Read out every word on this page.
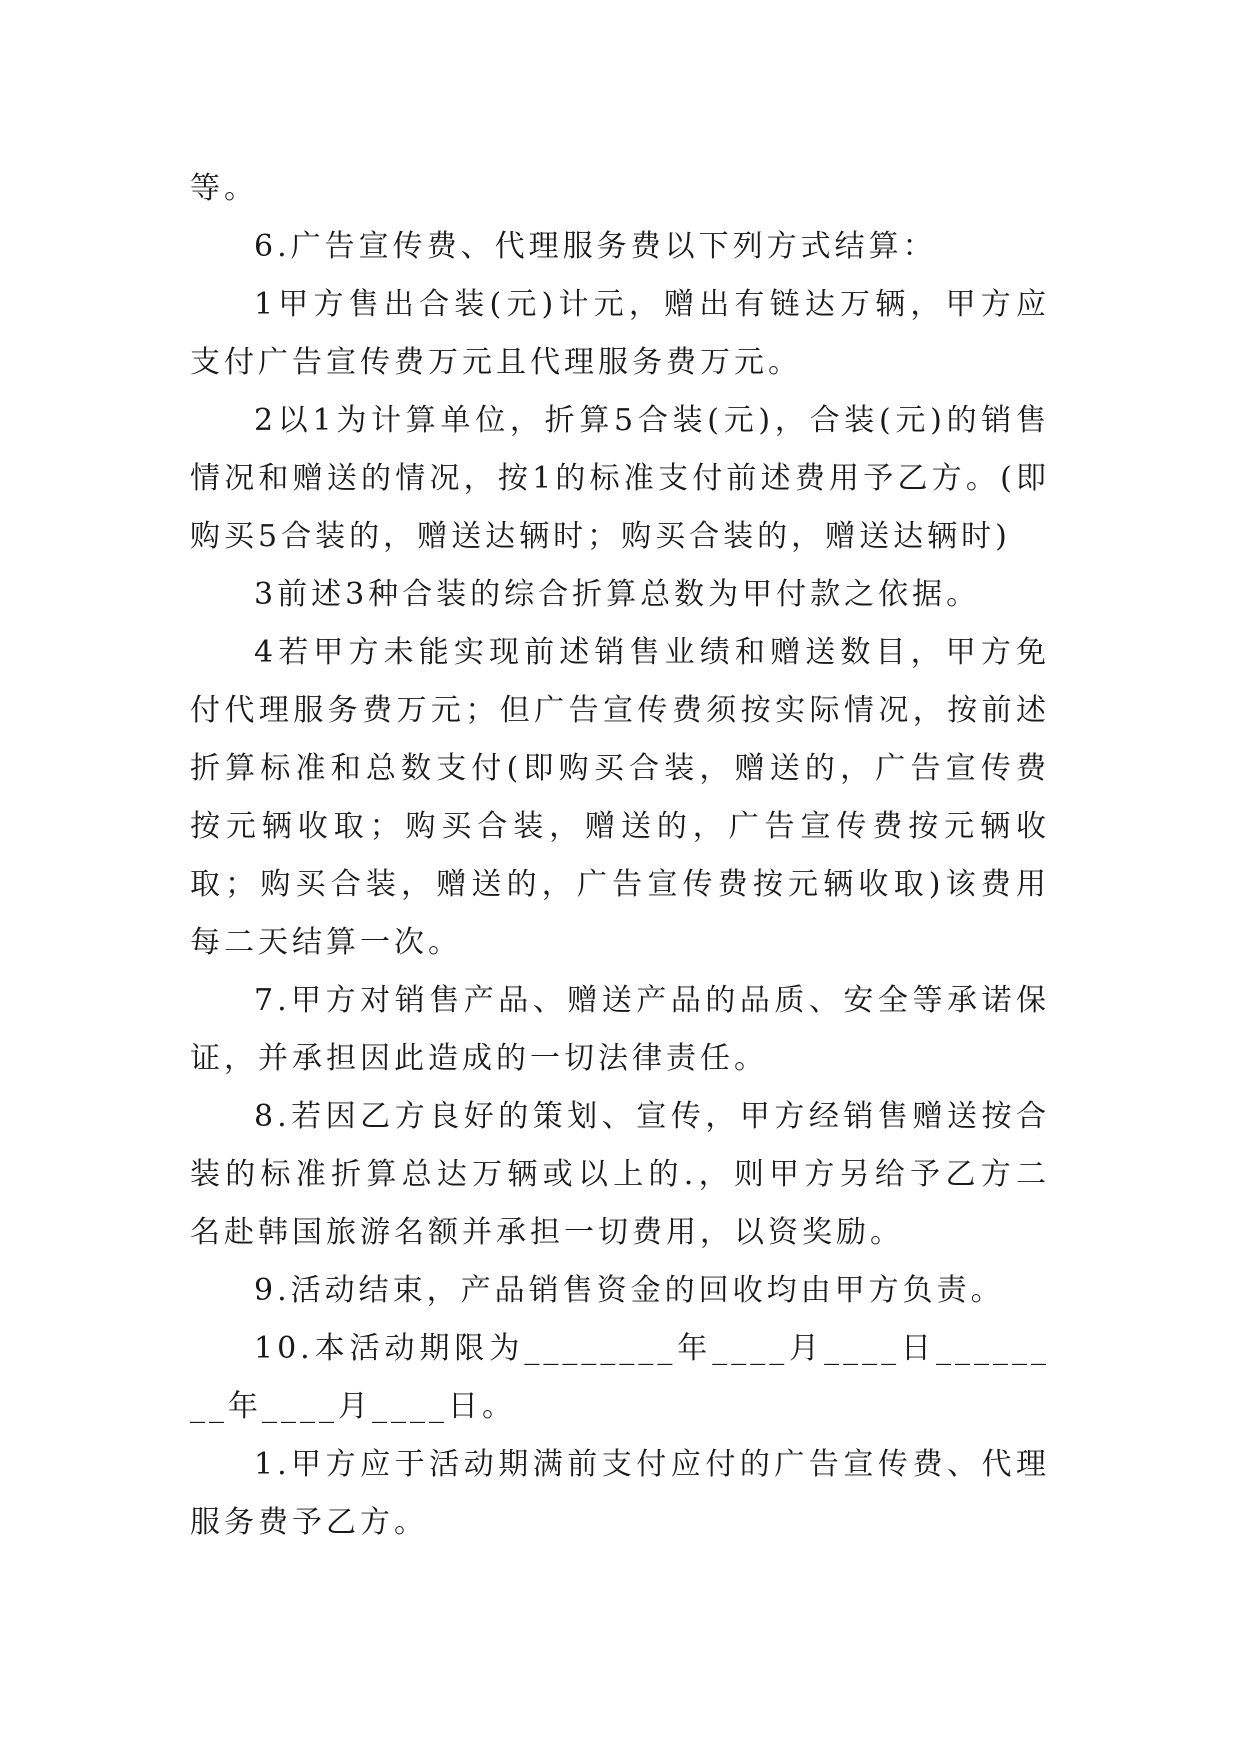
等。

6.广告宣传费、代理服务费以下列方式结算：

1甲方售出合装(元)计元，赠出有链达万辆，甲方应支付广告宣传费万元且代理服务费万元。

2以1为计算单位，折算5合装(元)，合装(元)的销售情况和赠送的情况，按1的标准支付前述费用予乙方。(即购买5合装的，赠送达辆时；购买合装的，赠送达辆时)

3前述3种合装的综合折算总数为甲付款之依据。

4若甲方未能实现前述销售业绩和赠送数目，甲方免付代理服务费万元；但广告宣传费须按实际情况，按前述折算标准和总数支付(即购买合装，赠送的，广告宣传费按元辆收取；购买合装，赠送的，广告宣传费按元辆收取；购买合装，赠送的，广告宣传费按元辆收取)该费用每二天结算一次。

7.甲方对销售产品、赠送产品的品质、安全等承诺保证，并承担因此造成的一切法律责任。

8.若因乙方良好的策划、宣传，甲方经销售赠送按合装的标准折算总达万辆或以上的.，则甲方另给予乙方二名赴韩国旅游名额并承担一切费用，以资奖励。

9.活动结束，产品销售资金的回收均由甲方负责。

10.本活动期限为________年____月____日________年____月____日。

1.甲方应于活动期满前支付应付的广告宣传费、代理服务费予乙方。
